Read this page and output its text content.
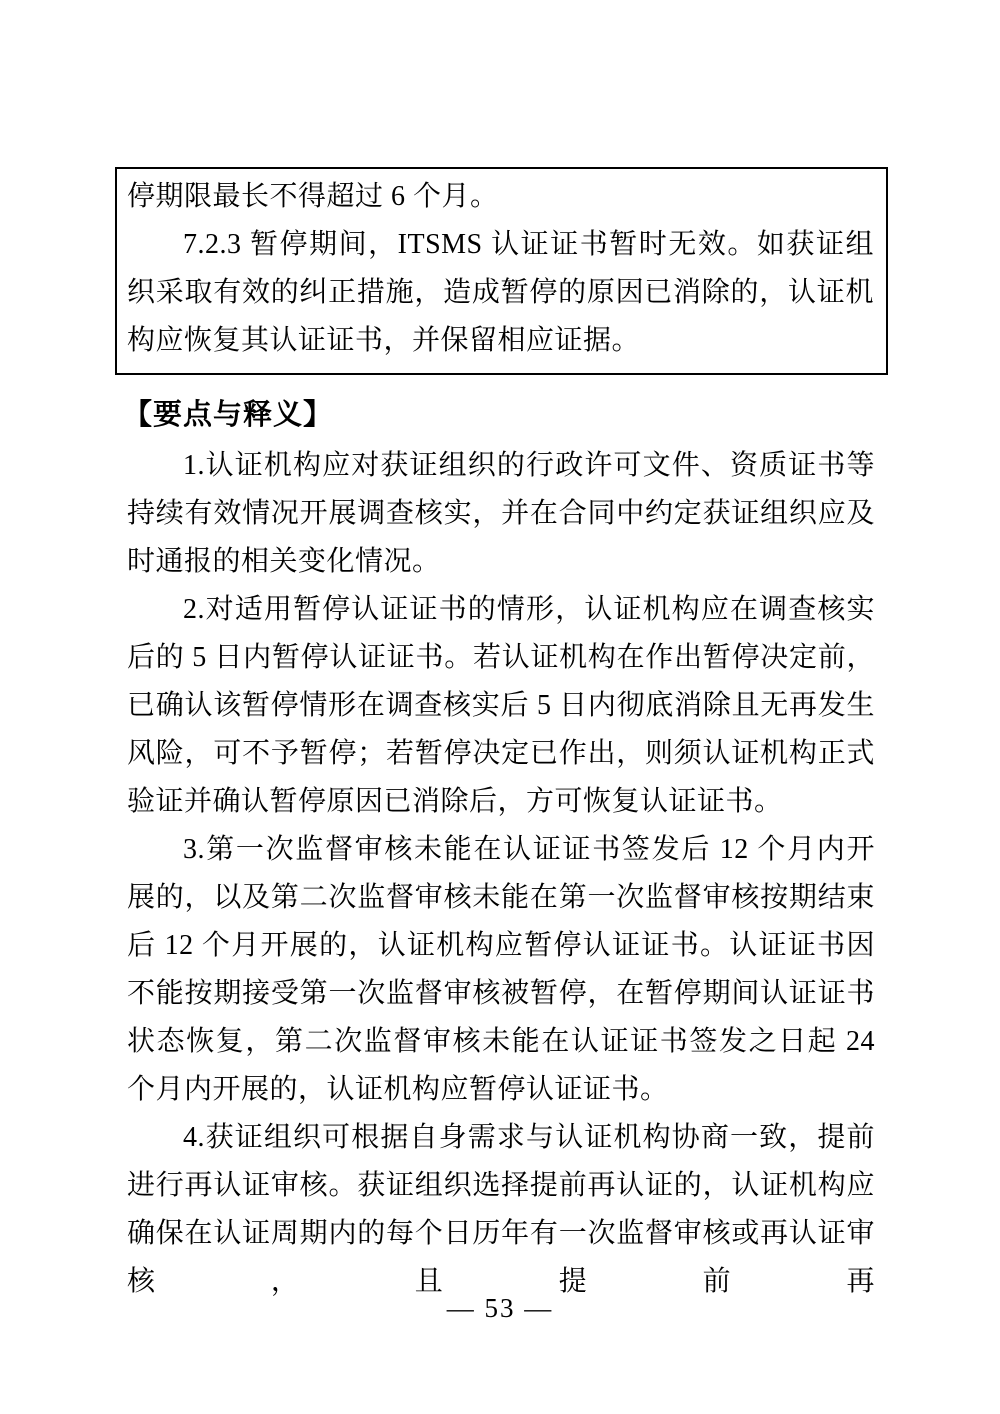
停期限最长不得超过 6 个月。

7.2.3 暂停期间，ITSMS 认证证书暂时无效。如获证组织采取有效的纠正措施，造成暂停的原因已消除的，认证机构应恢复其认证证书，并保留相应证据。

【要点与释义】

1.认证机构应对获证组织的行政许可文件、资质证书等持续有效情况开展调查核实，并在合同中约定获证组织应及时通报的相关变化情况。

2.对适用暂停认证证书的情形，认证机构应在调查核实后的 5 日内暂停认证证书。若认证机构在作出暂停决定前，已确认该暂停情形在调查核实后 5 日内彻底消除且无再发生风险，可不予暂停；若暂停决定已作出，则须认证机构正式验证并确认暂停原因已消除后，方可恢复认证证书。

3.第一次监督审核未能在认证证书签发后 12 个月内开展的，以及第二次监督审核未能在第一次监督审核按期结束后 12 个月开展的，认证机构应暂停认证证书。认证证书因不能按期接受第一次监督审核被暂停，在暂停期间认证证书状态恢复，第二次监督审核未能在认证证书签发之日起 24 个月内开展的，认证机构应暂停认证证书。

4.获证组织可根据自身需求与认证机构协商一致，提前进行再认证审核。获证组织选择提前再认证的，认证机构应确保在认证周期内的每个日历年有一次监督审核或再认证审核，且提前再

— 53 —
